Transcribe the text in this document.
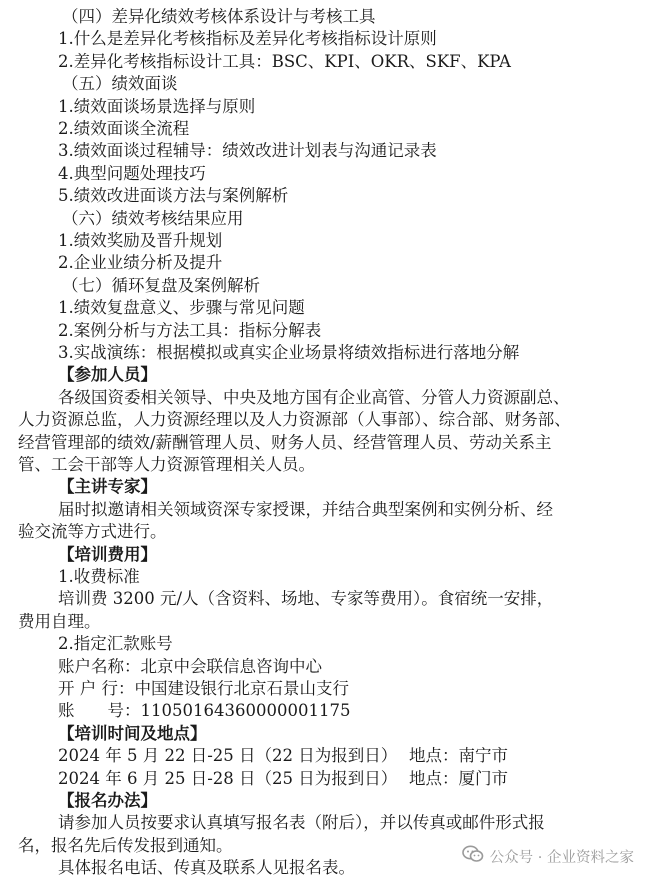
（四）差异化绩效考核体系设计与考核工具
1.什么是差异化考核指标及差异化考核指标设计原则
2.差异化考核指标设计工具：BSC、KPI、OKR、SKF、KPA
（五）绩效面谈
1.绩效面谈场景选择与原则
2.绩效面谈全流程
3.绩效面谈过程辅导：绩效改进计划表与沟通记录表
4.典型问题处理技巧
5.绩效改进面谈方法与案例解析
（六）绩效考核结果应用
1.绩效奖励及晋升规划
2.企业业绩分析及提升
（七）循环复盘及案例解析
1.绩效复盘意义、步骤与常见问题
2.案例分析与方法工具：指标分解表
3.实战演练：根据模拟或真实企业场景将绩效指标进行落地分解
【参加人员】
各级国资委相关领导、中央及地方国有企业高管、分管人力资源副总、
人力资源总监，人力资源经理以及人力资源部（人事部）、综合部、财务部、
经营管理部的绩效/薪酬管理人员、财务人员、经营管理人员、劳动关系主
管、工会干部等人力资源管理相关人员。
【主讲专家】
届时拟邀请相关领域资深专家授课，并结合典型案例和实例分析、经
验交流等方式进行。
【培训费用】
1.收费标准
培训费 3200 元/人（含资料、场地、专家等费用）。食宿统一安排，
费用自理。
2.指定汇款账号
账户名称：北京中会联信息咨询中心
开 户 行：中国建设银行北京石景山支行
账　　号：11050164360000001175
【培训时间及地点】
2024 年 5 月 22 日-25 日（22 日为报到日） 地点：南宁市
2024 年 6 月 25 日-28 日（25 日为报到日） 地点：厦门市
【报名办法】
请参加人员按要求认真填写报名表（附后），并以传真或邮件形式报
名，报名先后传发报到通知。
具体报名电话、传真及联系人见报名表。
公众号 · 企业资料之家
